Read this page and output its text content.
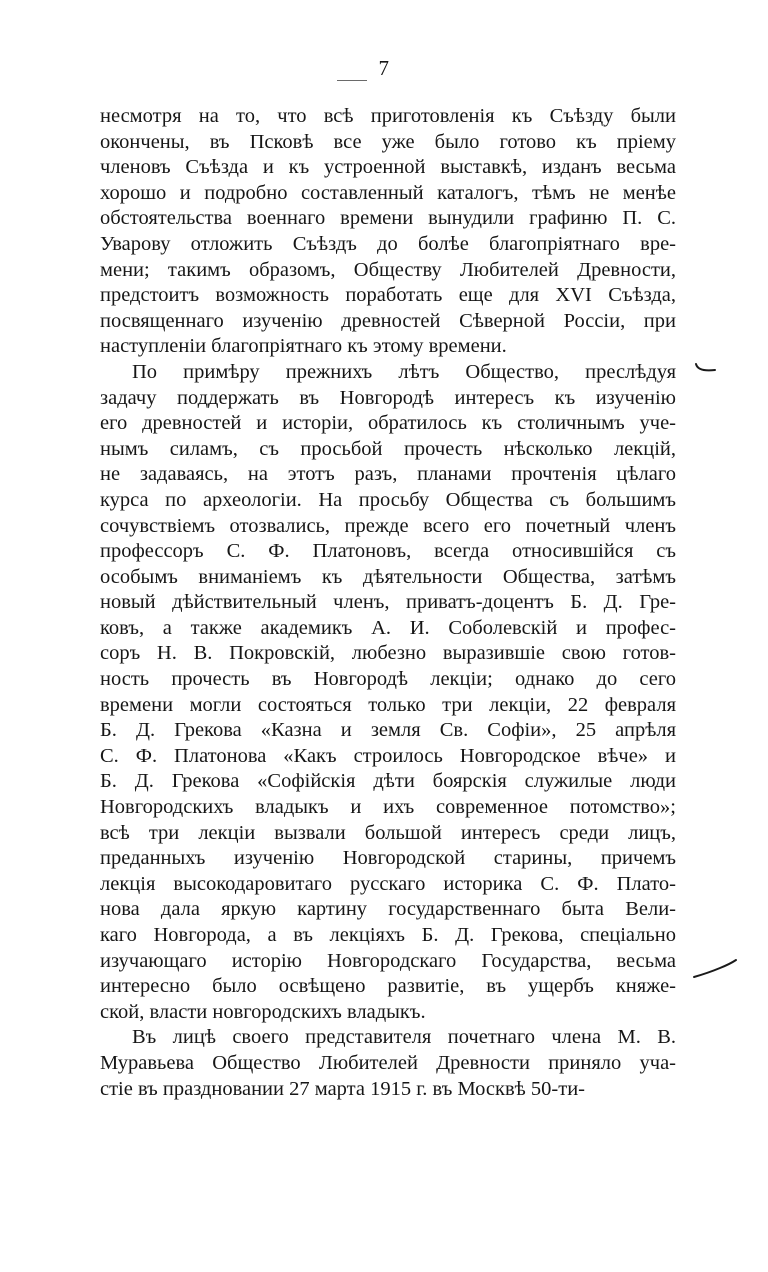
7
несмотря на то, что всѣ приготовленія къ Съѣзду были
окончены, въ Псковѣ все уже было готово къ пріему
членовъ Съѣзда и къ устроенной выставкѣ, изданъ весьма
хорошо и подробно составленный каталогъ, тѣмъ не менѣе
обстоятельства военнаго времени вынудили графиню П. С.
Уварову отложить Съѣздъ до болѣе благопріятнаго вре-
мени; такимъ образомъ, Обществу Любителей Древности,
предстоитъ возможность поработать еще для XVI Съѣзда,
посвященнаго изученію древностей Сѣверной Россіи, при
наступленіи благопріятнаго къ этому времени.
По примѣру прежнихъ лѣтъ Общество, преслѣдуя
задачу поддержать въ Новгородѣ интересъ къ изученію
его древностей и исторіи, обратилось къ столичнымъ уче-
нымъ силамъ, съ просьбой прочесть нѣсколько лекцій,
не задаваясь, на этотъ разъ, планами прочтенія цѣлаго
курса по археологіи. На просьбу Общества съ большимъ
сочувствіемъ отозвались, прежде всего его почетный членъ
профессоръ С. Ф. Платоновъ, всегда относившійся съ
особымъ вниманіемъ къ дѣятельности Общества, затѣмъ
новый дѣйствительный членъ, приватъ-доцентъ Б. Д. Гре-
ковъ, а также академикъ А. И. Соболевскій и профес-
соръ Н. В. Покровскій, любезно выразившіе свою готов-
ность прочесть въ Новгородѣ лекціи; однако до сего
времени могли состояться только три лекціи, 22 февраля
Б. Д. Грекова «Казна и земля Св. Софіи», 25 апрѣля
С. Ф. Платонова «Какъ строилось Новгородское вѣче» и
Б. Д. Грекова «Софійскія дѣти боярскія служилые люди
Новгородскихъ владыкъ и ихъ современное потомство»;
всѣ три лекціи вызвали большой интересъ среди лицъ,
преданныхъ изученію Новгородской старины, причемъ
лекція высокодаровитаго русскаго историка С. Ф. Плато-
нова дала яркую картину государственнаго быта Вели-
каго Новгорода, а въ лекціяхъ Б. Д. Грекова, спеціально
изучающаго исторію Новгородскаго Государства, весьма
интересно было освѣщено развитіе, въ ущербъ княже-
ской, власти новгородскихъ владыкъ.
Въ лицѣ своего представителя почетнаго члена М. В.
Муравьева Общество Любителей Древности приняло уча-
стіе въ праздновании 27 марта 1915 г. въ Москвѣ 50-ти-
